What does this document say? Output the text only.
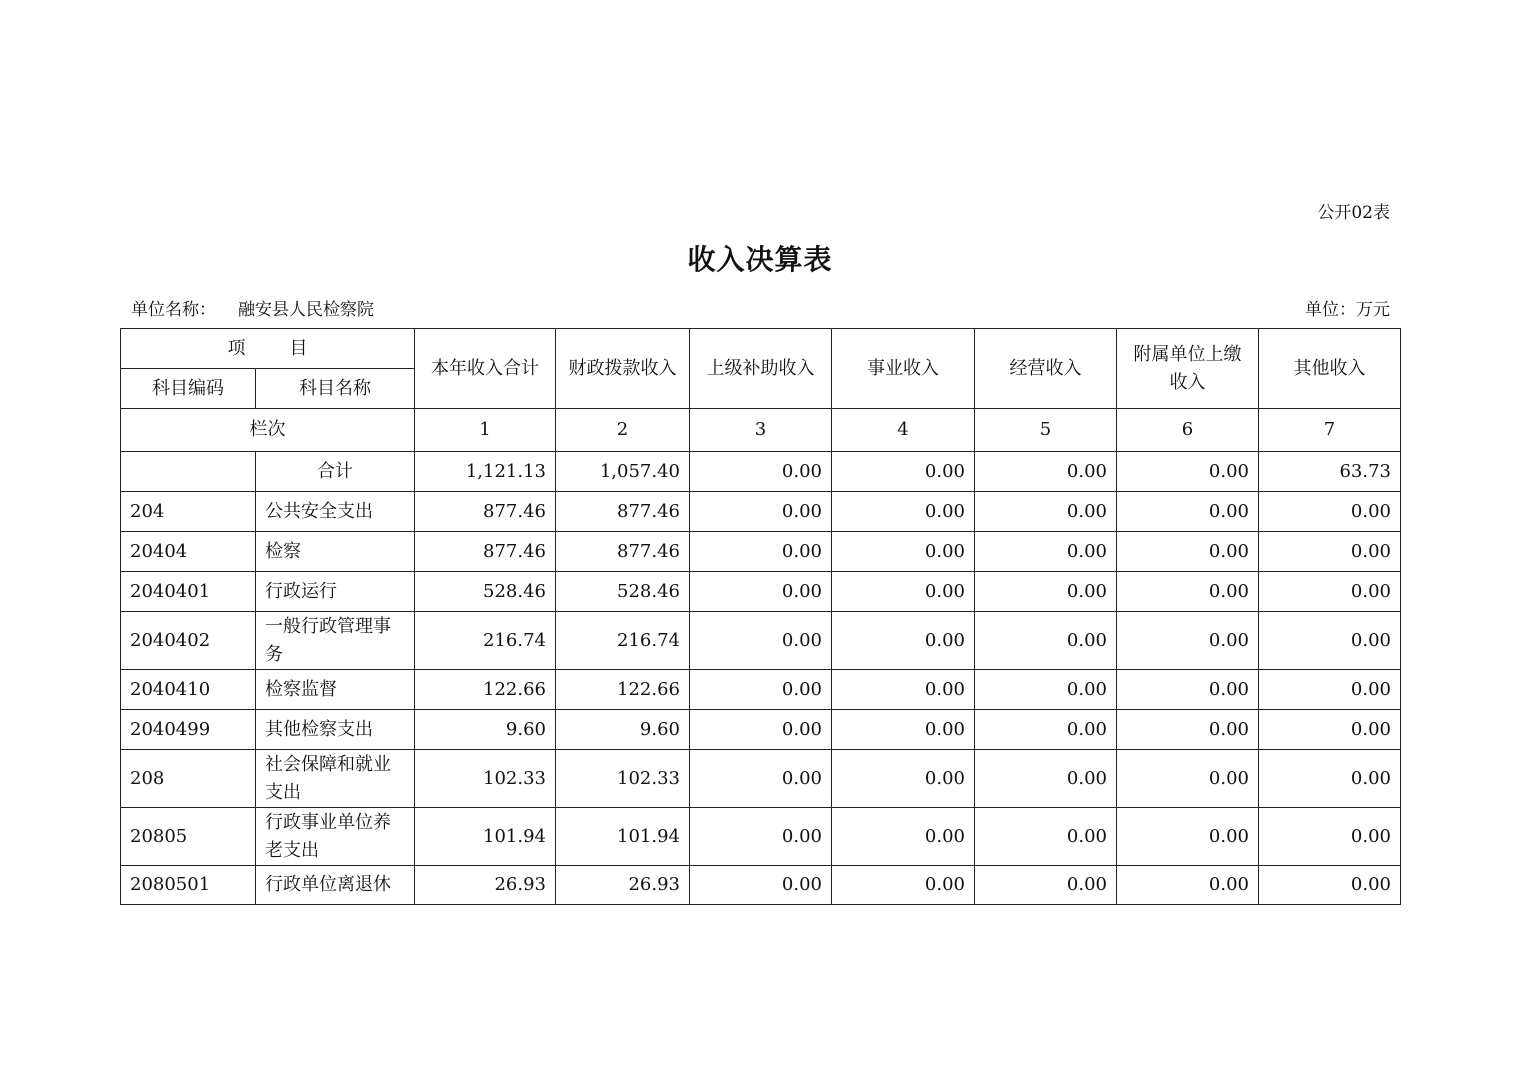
公开02表
收入决算表
单位名称： 融安县人民检察院	单位：万元
项 目		本年收入合计	财政拨款收入	上级补助收入	事业收入	经营收入	附属单位上缴收入	其他收入
科目编码	科目名称							
栏次		1	2	3	4	5	6	7
	合计	1,121.13	1,057.40	0.00	0.00	0.00	0.00	63.73
204	公共安全支出	877.46	877.46	0.00	0.00	0.00	0.00	0.00
20404	检察	877.46	877.46	0.00	0.00	0.00	0.00	0.00
2040401	行政运行	528.46	528.46	0.00	0.00	0.00	0.00	0.00
2040402	一般行政管理事务	216.74	216.74	0.00	0.00	0.00	0.00	0.00
2040410	检察监督	122.66	122.66	0.00	0.00	0.00	0.00	0.00
2040499	其他检察支出	9.60	9.60	0.00	0.00	0.00	0.00	0.00
208	社会保障和就业支出	102.33	102.33	0.00	0.00	0.00	0.00	0.00
20805	行政事业单位养老支出	101.94	101.94	0.00	0.00	0.00	0.00	0.00
2080501	行政单位离退休	26.93	26.93	0.00	0.00	0.00	0.00	0.00
